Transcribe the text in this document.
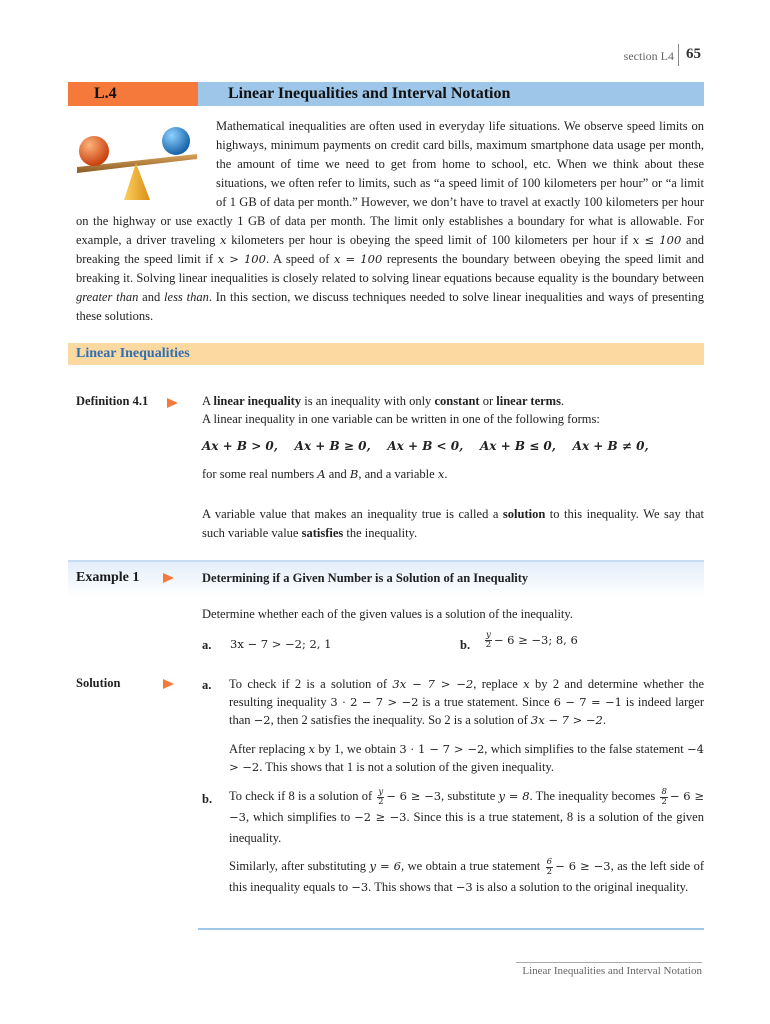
section L4 65
L.4	Linear Inequalities and Interval Notation
Mathematical inequalities are often used in everyday life situations. We observe speed limits on highways, minimum payments on credit card bills, maximum smartphone data usage per month, the amount of time we need to get from home to school, etc. When we think about these situations, we often refer to limits, such as “a speed limit of 100 kilometers per hour” or “a limit of 1 GB of data per month.” However, we don’t have to travel at exactly 100 kilometers per hour on the highway or use exactly 1 GB of data per month. The limit only establishes a boundary for what is allowable. For example, a driver traveling x kilometers per hour is obeying the speed limit of 100 kilometers per hour if x ≤ 100 and breaking the speed limit if x > 100. A speed of x = 100 represents the boundary between obeying the speed limit and breaking it. Solving linear inequalities is closely related to solving linear equations because equality is the boundary between greater than and less than. In this section, we discuss techniques needed to solve linear inequalities and ways of presenting these solutions.
Linear Inequalities
Definition 4.1	A linear inequality is an inequality with only constant or linear terms.
A linear inequality in one variable can be written in one of the following forms:
Ax + B > 0,    Ax + B ≥ 0,    Ax + B < 0,    Ax + B ≤ 0,    Ax + B ≠ 0,
for some real numbers A and B, and a variable x.
A variable value that makes an inequality true is called a solution to this inequality. We say that such variable value satisfies the inequality.
Example 1	Determining if a Given Number is a Solution of an Inequality
Determine whether each of the given values is a solution of the inequality.
a. 3x − 7 > −2; 2, 1	b. $\frac{y}{2} - 6 \ge -3$; 8, 6
Solution	a. To check if 2 is a solution of 3x − 7 > −2, replace x by 2 and determine whether the resulting inequality 3 · 2 − 7 > −2 is a true statement. Since 6 − 7 = −1 is indeed larger than −2, then 2 satisfies the inequality. So 2 is a solution of 3x − 7 > −2.
After replacing x by 1, we obtain 3 · 1 − 7 > −2, which simplifies to the false statement −4 > −2. This shows that 1 is not a solution of the given inequality.
b. To check if 8 is a solution of $\frac{y}{2} - 6 \ge -3$, substitute y = 8. The inequality becomes $\frac{8}{2} - 6 \ge -3$, which simplifies to −2 ≥ −3. Since this is a true statement, 8 is a solution of the given inequality.
Similarly, after substituting y = 6, we obtain a true statement $\frac{6}{2} - 6 \ge -3$, as the left side of this inequality equals to −3. This shows that −3 is also a solution to the original inequality.
Linear Inequalities and Interval Notation
